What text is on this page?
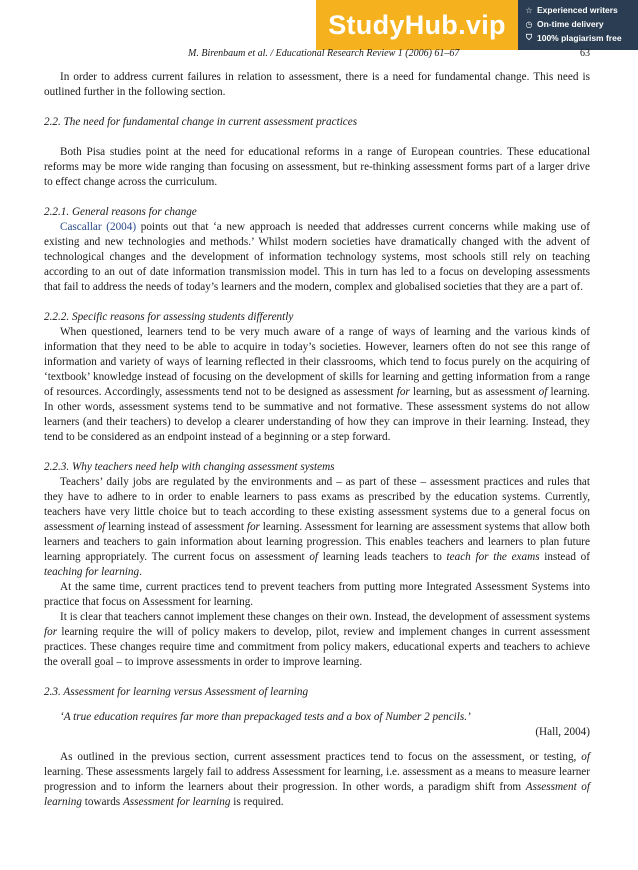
StudyHub.vip	☆ Experienced writers
◷ On-time delivery
⛉ 100% plagiarism free
M. Birenbaum et al. / Educational Research Review 1 (2006) 61–67	63

In order to address current failures in relation to assessment, there is a need for fundamental change. This need is outlined further in the following section.

2.2. The need for fundamental change in current assessment practices

Both Pisa studies point at the need for educational reforms in a range of European countries. These educational reforms may be more wide ranging than focusing on assessment, but re-thinking assessment forms part of a larger drive to effect change across the curriculum.

2.2.1. General reasons for change

Cascallar (2004) points out that ‘a new approach is needed that addresses current concerns while making use of existing and new technologies and methods.’ Whilst modern societies have dramatically changed with the advent of technological changes and the development of information technology systems, most schools still rely on teaching according to an out of date information transmission model. This in turn has led to a focus on developing assessments that fail to address the needs of today’s learners and the modern, complex and globalised societies that they are a part of.

2.2.2. Specific reasons for assessing students differently

When questioned, learners tend to be very much aware of a range of ways of learning and the various kinds of information that they need to be able to acquire in today’s societies. However, learners often do not see this range of information and variety of ways of learning reflected in their classrooms, which tend to focus purely on the acquiring of ‘textbook’ knowledge instead of focusing on the development of skills for learning and getting information from a range of resources. Accordingly, assessments tend not to be designed as assessment for learning, but as assessment of learning. In other words, assessment systems tend to be summative and not formative. These assessment systems do not allow learners (and their teachers) to develop a clearer understanding of how they can improve in their learning. Instead, they tend to be considered as an endpoint instead of a beginning or a step forward.

2.2.3. Why teachers need help with changing assessment systems

Teachers’ daily jobs are regulated by the environments and – as part of these – assessment practices and rules that they have to adhere to in order to enable learners to pass exams as prescribed by the education systems. Currently, teachers have very little choice but to teach according to these existing assessment systems due to a general focus on assessment of learning instead of assessment for learning. Assessment for learning are assessment systems that allow both learners and teachers to gain information about learning progression. This enables teachers and learners to plan future learning appropriately. The current focus on assessment of learning leads teachers to teach for the exams instead of teaching for learning.

At the same time, current practices tend to prevent teachers from putting more Integrated Assessment Systems into practice that focus on Assessment for learning.

It is clear that teachers cannot implement these changes on their own. Instead, the development of assessment systems for learning require the will of policy makers to develop, pilot, review and implement changes in current assessment practices. These changes require time and commitment from policy makers, educational experts and teachers to achieve the overall goal – to improve assessments in order to improve learning.

2.3. Assessment for learning versus Assessment of learning

‘A true education requires far more than prepackaged tests and a box of Number 2 pencils.’

(Hall, 2004)

As outlined in the previous section, current assessment practices tend to focus on the assessment, or testing, of learning. These assessments largely fail to address Assessment for learning, i.e. assessment as a means to measure learner progression and to inform the learners about their progression. In other words, a paradigm shift from Assessment of learning towards Assessment for learning is required.
